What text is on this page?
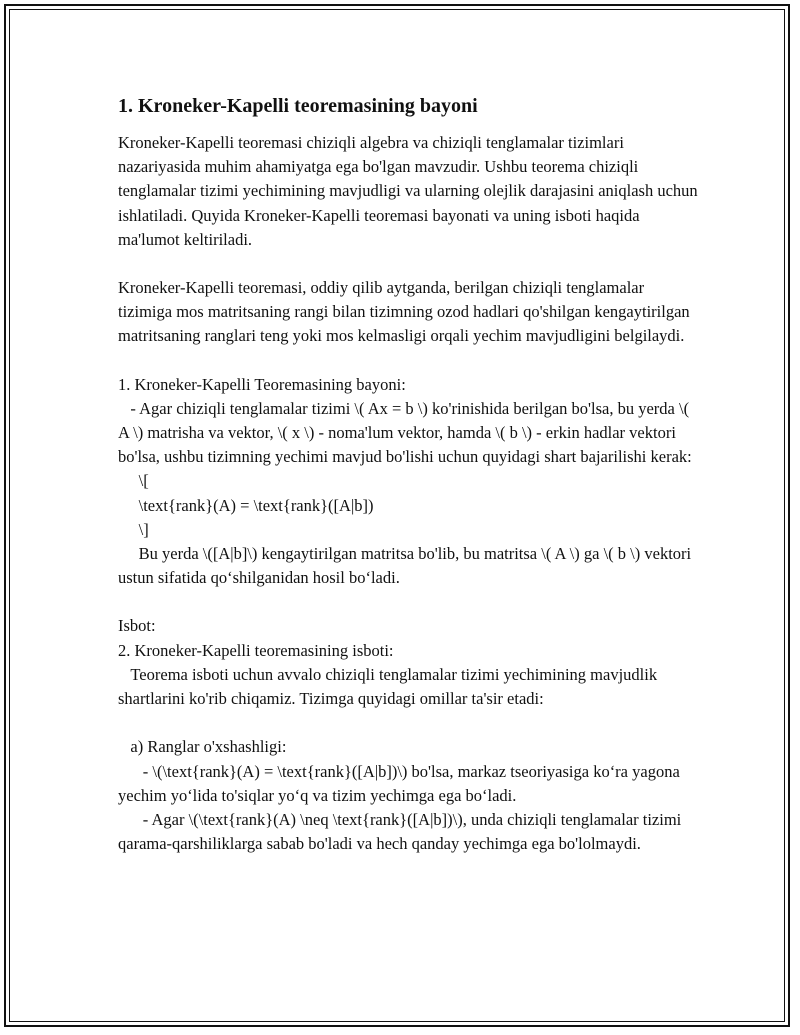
1. Kroneker-Kapelli teoremasining bayoni

Kroneker-Kapelli teoremasi chiziqli algebra va chiziqli tenglamalar tizimlari nazariyasida muhim ahamiyatga ega bo'lgan mavzudir. Ushbu teorema chiziqli tenglamalar tizimi yechimining mavjudligi va ularning olejlik darajasini aniqlash uchun ishlatiladi. Quyida Kroneker-Kapelli teoremasi bayonati va uning isboti haqida ma'lumot keltiriladi.

Kroneker-Kapelli teoremasi, oddiy qilib aytganda, berilgan chiziqli tenglamalar tizimiga mos matritsaning rangi bilan tizimning ozod hadlari qo'shilgan kengaytirilgan matritsaning ranglari teng yoki mos kelmasligi orqali yechim mavjudligini belgilaydi.

1. Kroneker-Kapelli Teoremasining bayoni:
- Agar chiziqli tenglamalar tizimi \( Ax = b \) ko'rinishida berilgan bo'lsa, bu yerda \( A \) matrisha va vektor, \( x \) - noma'lum vektor, hamda \( b \) - erkin hadlar vektori bo'lsa, ushbu tizimning yechimi mavjud bo'lishi uchun quyidagi shart bajarilishi kerak:
\[
\text{rank}(A) = \text{rank}([A|b])
\]
Bu yerda \([A|b]\) kengaytirilgan matritsa bo'lib, bu matritsa \( A \) ga \( b \) vektori ustun sifatida qo‘shilganidan hosil bo‘ladi.

Isbot:
2. Kroneker-Kapelli teoremasining isboti:
Teorema isboti uchun avvalo chiziqli tenglamalar tizimi yechimining mavjudlik shartlarini ko'rib chiqamiz. Tizimga quyidagi omillar ta'sir etadi:

a) Ranglar o'xshashligi:
- \(\text{rank}(A) = \text{rank}([A|b])\) bo'lsa, markaz tseoriyasiga ko‘ra yagona yechim yo‘lida to'siqlar yo‘q va tizim yechimga ega bo‘ladi.
- Agar \(\text{rank}(A) \neq \text{rank}([A|b])\), unda chiziqli tenglamalar tizimi qarama-qarshiliklarga sabab bo'ladi va hech qanday yechimga ega bo'lolmaydi.
